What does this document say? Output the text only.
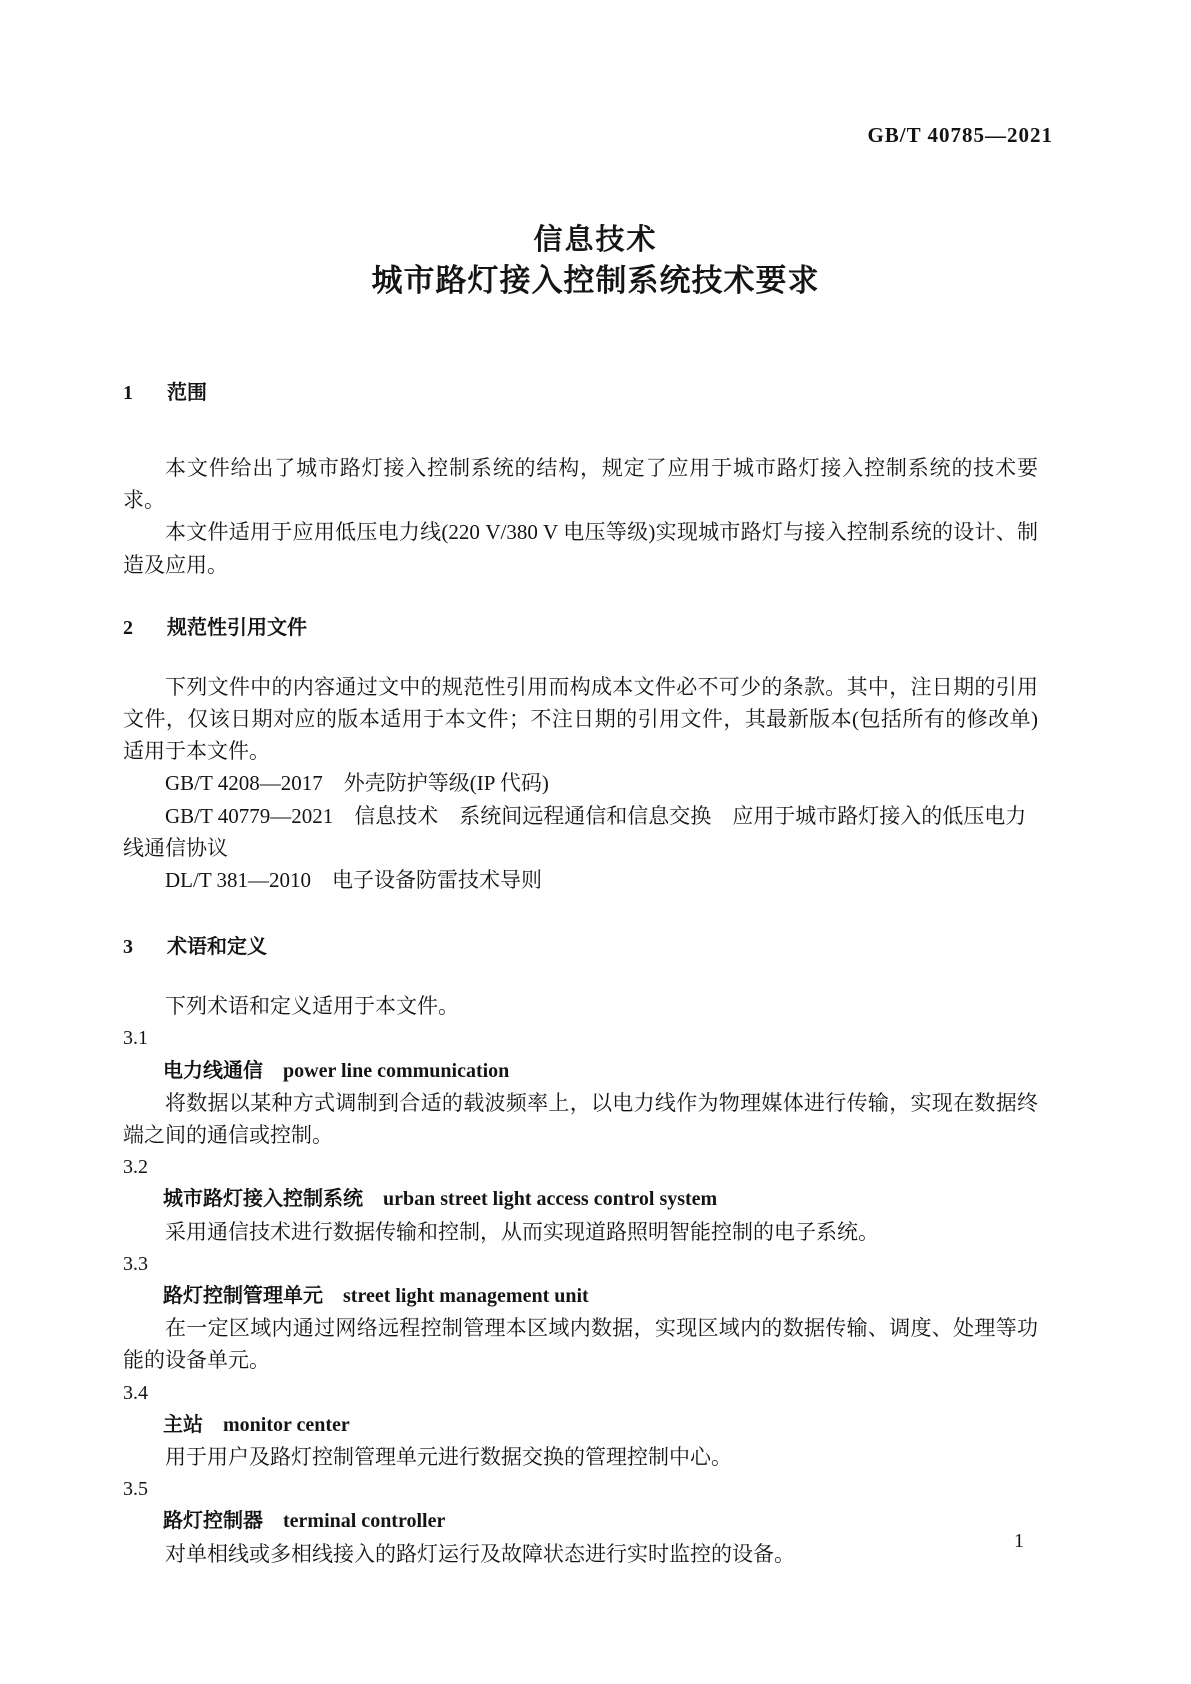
GB/T 40785—2021
信息技术
城市路灯接入控制系统技术要求
1 范围

本文件给出了城市路灯接入控制系统的结构，规定了应用于城市路灯接入控制系统的技术要求。

本文件适用于应用低压电力线(220 V/380 V 电压等级)实现城市路灯与接入控制系统的设计、制造及应用。

2 规范性引用文件

下列文件中的内容通过文中的规范性引用而构成本文件必不可少的条款。其中，注日期的引用文件，仅该日期对应的版本适用于本文件；不注日期的引用文件，其最新版本(包括所有的修改单)适用于本文件。

GB/T 4208—2017　外壳防护等级(IP 代码)

GB/T 40779—2021　信息技术　系统间远程通信和信息交换　应用于城市路灯接入的低压电力线通信协议

DL/T 381—2010　电子设备防雷技术导则

3 术语和定义

下列术语和定义适用于本文件。

3.1

电力线通信 power line communication

将数据以某种方式调制到合适的载波频率上，以电力线作为物理媒体进行传输，实现在数据终端之间的通信或控制。

3.2

城市路灯接入控制系统 urban street light access control system

采用通信技术进行数据传输和控制，从而实现道路照明智能控制的电子系统。

3.3

路灯控制管理单元 street light management unit

在一定区域内通过网络远程控制管理本区域内数据，实现区域内的数据传输、调度、处理等功能的设备单元。

3.4

主站 monitor center

用于用户及路灯控制管理单元进行数据交换的管理控制中心。

3.5

路灯控制器 terminal controller

对单相线或多相线接入的路灯运行及故障状态进行实时监控的设备。

1
